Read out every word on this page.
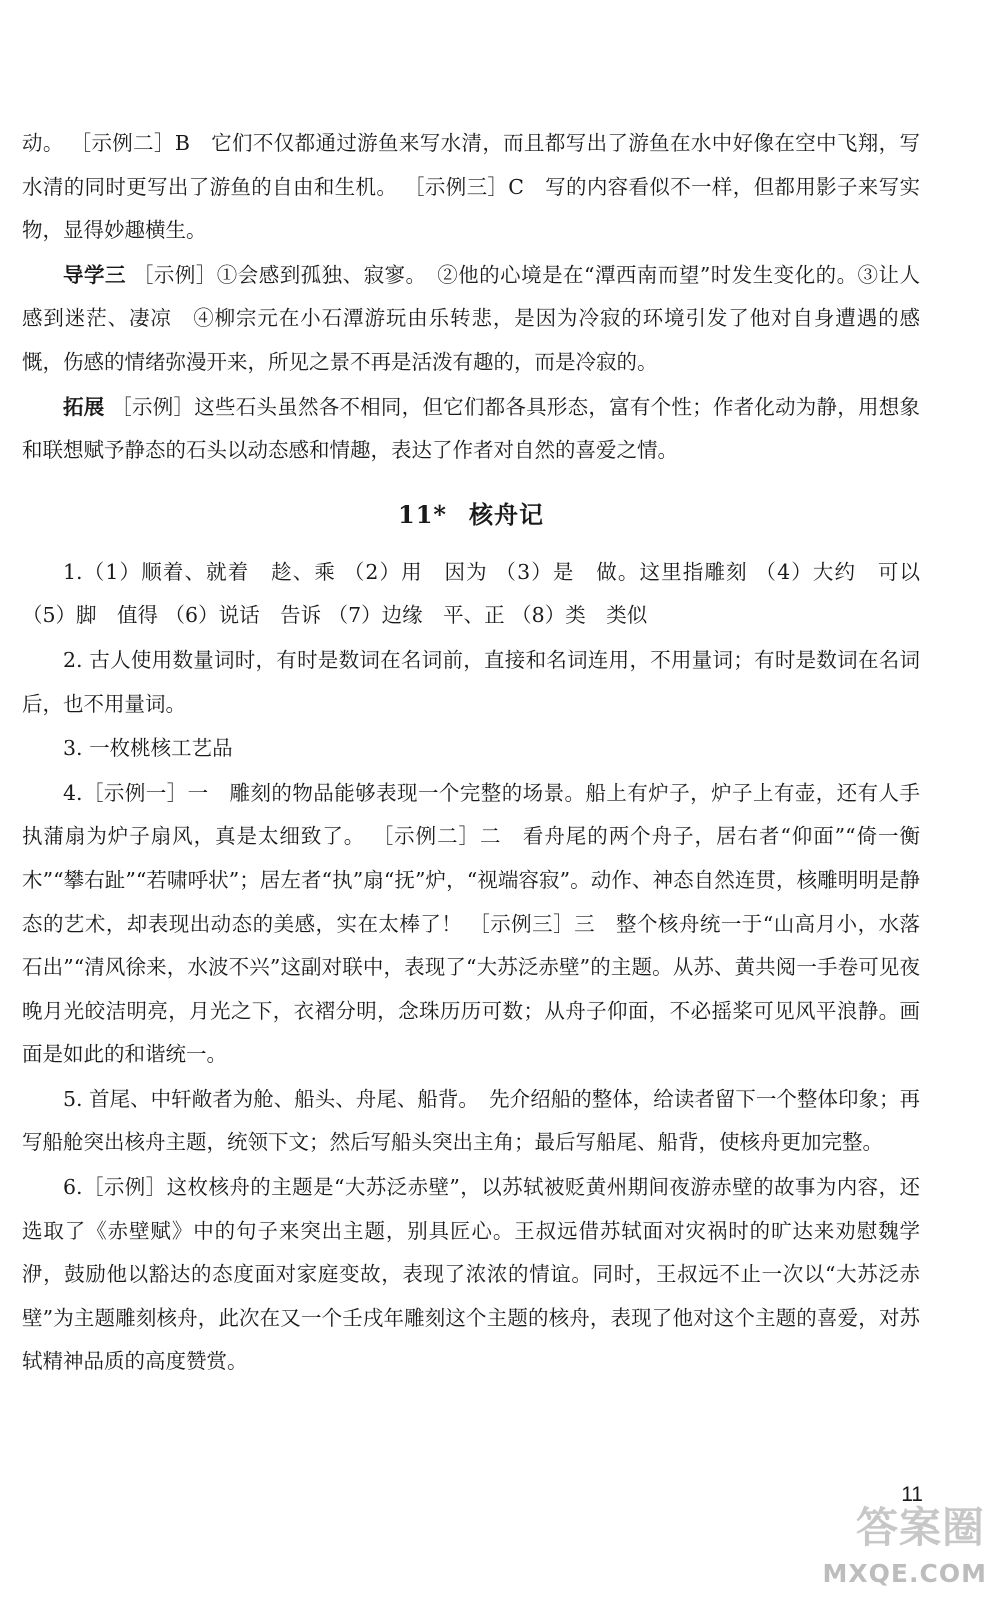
动。 ［示例二］B　它们不仅都通过游鱼来写水清，而且都写出了游鱼在水中好像在空中飞翔，写水清的同时更写出了游鱼的自由和生机。 ［示例三］C　写的内容看似不一样，但都用影子来写实物，显得妙趣横生。

导学三 ［示例］①会感到孤独、寂寥。　②他的心境是在“潭西南而望”时发生变化的。③让人感到迷茫、凄凉　④柳宗元在小石潭游玩由乐转悲，是因为冷寂的环境引发了他对自身遭遇的感慨，伤感的情绪弥漫开来，所见之景不再是活泼有趣的，而是冷寂的。

拓展 ［示例］这些石头虽然各不相同，但它们都各具形态，富有个性；作者化动为静，用想象和联想赋予静态的石头以动态感和情趣，表达了作者对自然的喜爱之情。

11* 核舟记

1.（1）顺着、就着　趁、乘 （2）用　因为 （3）是　做。这里指雕刻 （4）大约　可以 （5）脚　值得 （6）说话　告诉 （7）边缘　平、正 （8）类　类似

2. 古人使用数量词时，有时是数词在名词前，直接和名词连用，不用量词；有时是数词在名词后，也不用量词。

3. 一枚桃核工艺品

4.［示例一］一　雕刻的物品能够表现一个完整的场景。船上有炉子，炉子上有壶，还有人手执蒲扇为炉子扇风，真是太细致了。 ［示例二］二　看舟尾的两个舟子，居右者“仰面”“倚一衡木”“攀右趾”“若啸呼状”；居左者“执”扇“抚”炉，“视端容寂”。动作、神态自然连贯，核雕明明是静态的艺术，却表现出动态的美感，实在太棒了！ ［示例三］三　整个核舟统一于“山高月小，水落石出”“清风徐来，水波不兴”这副对联中，表现了“大苏泛赤壁”的主题。从苏、黄共阅一手卷可见夜晚月光皎洁明亮，月光之下，衣褶分明，念珠历历可数；从舟子仰面，不必摇桨可见风平浪静。画面是如此的和谐统一。

5. 首尾、中轩敞者为舱、船头、舟尾、船背。　先介绍船的整体，给读者留下一个整体印象；再写船舱突出核舟主题，统领下文；然后写船头突出主角；最后写船尾、船背，使核舟更加完整。

6.［示例］这枚核舟的主题是“大苏泛赤壁”，以苏轼被贬黄州期间夜游赤壁的故事为内容，还选取了《赤壁赋》中的句子来突出主题，别具匠心。王叔远借苏轼面对灾祸时的旷达来劝慰魏学洢，鼓励他以豁达的态度面对家庭变故，表现了浓浓的情谊。同时，王叔远不止一次以“大苏泛赤壁”为主题雕刻核舟，此次在又一个壬戌年雕刻这个主题的核舟，表现了他对这个主题的喜爱，对苏轼精神品质的高度赞赏。

11
答案圈
MXQE.COM
